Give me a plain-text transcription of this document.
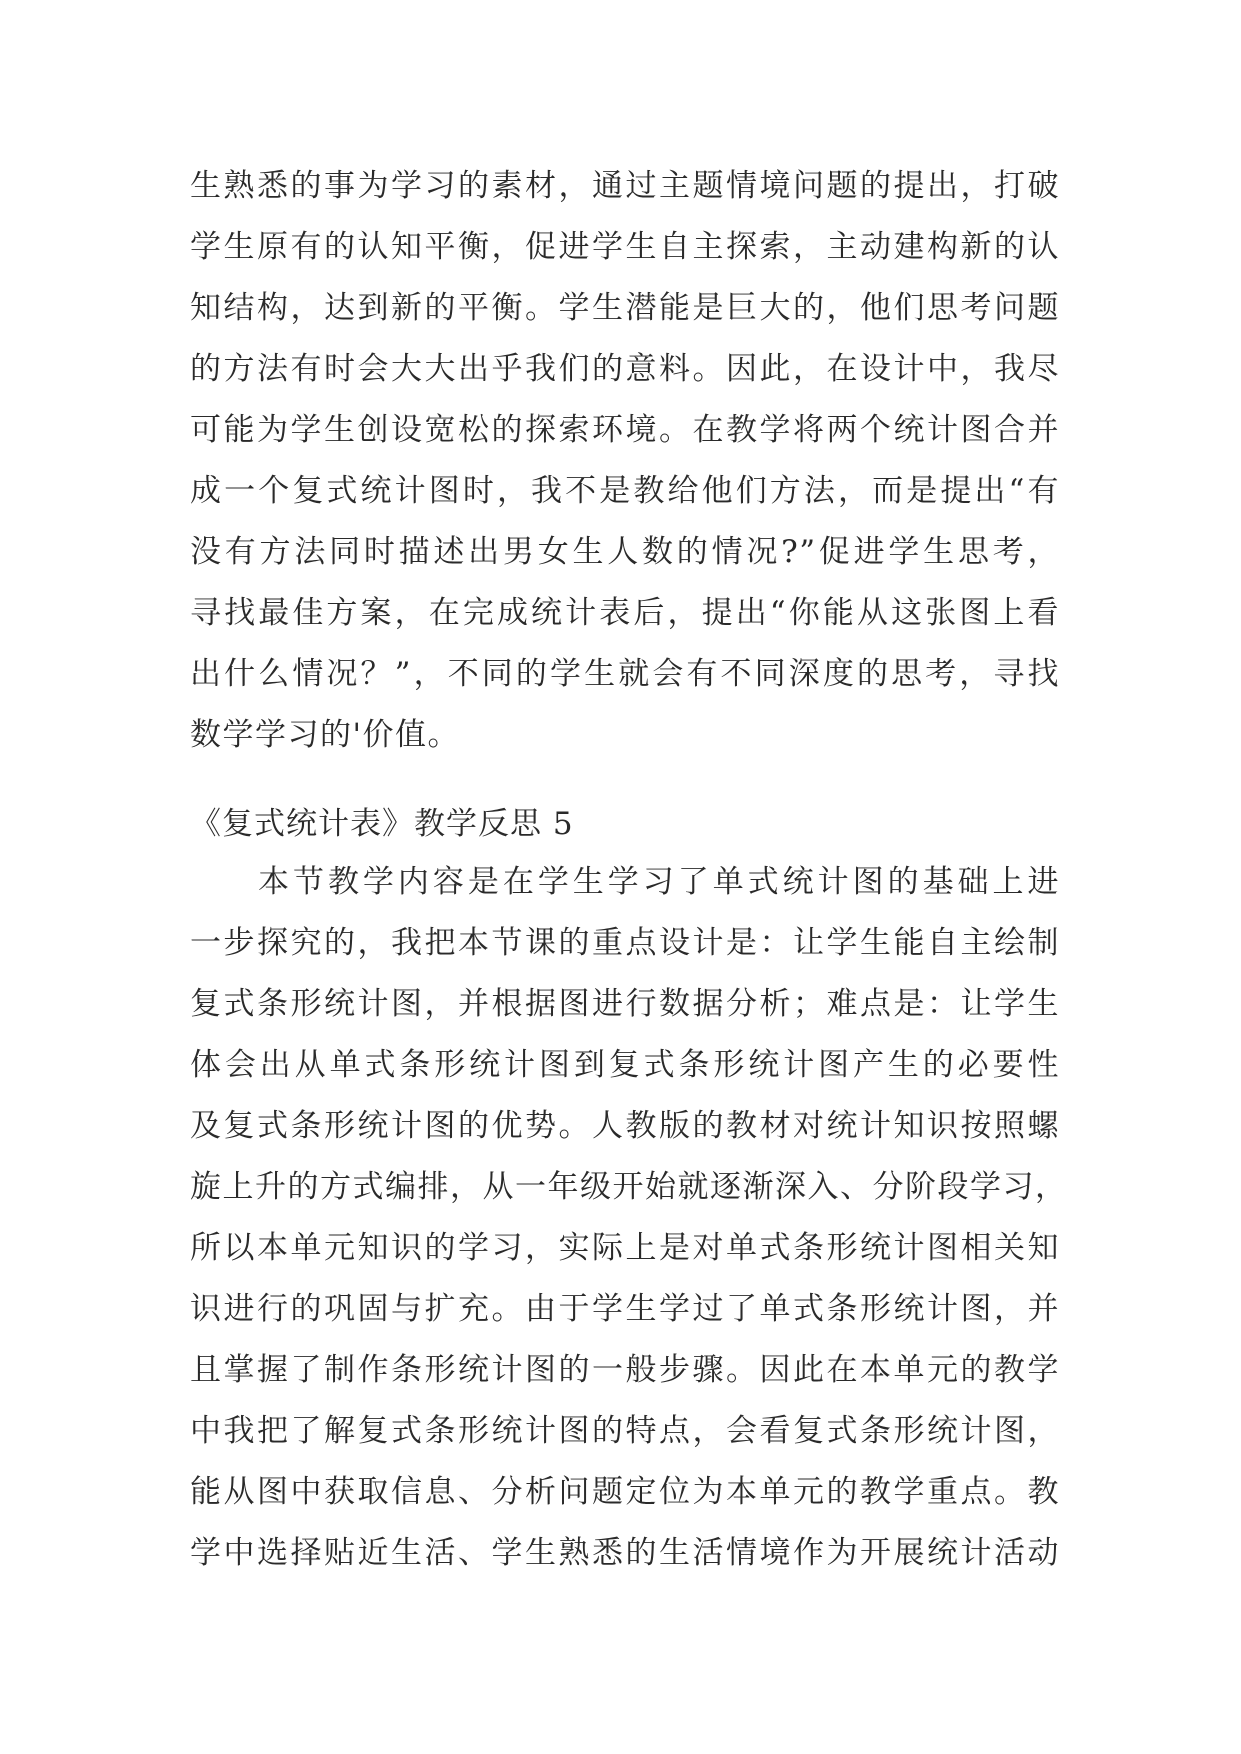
生熟悉的事为学习的素材，通过主题情境问题的提出，打破
学生原有的认知平衡，促进学生自主探索，主动建构新的认
知结构，达到新的平衡。学生潜能是巨大的，他们思考问题
的方法有时会大大出乎我们的意料。因此，在设计中，我尽
可能为学生创设宽松的探索环境。在教学将两个统计图合并
成一个复式统计图时，我不是教给他们方法，而是提出“有
没有方法同时描述出男女生人数的情况?”促进学生思考，
寻找最佳方案，在完成统计表后，提出“你能从这张图上看
出什么情况？”，不同的学生就会有不同深度的思考，寻找
数学学习的'价值。
《复式统计表》教学反思 5
本节教学内容是在学生学习了单式统计图的基础上进
一步探究的，我把本节课的重点设计是：让学生能自主绘制
复式条形统计图，并根据图进行数据分析；难点是：让学生
体会出从单式条形统计图到复式条形统计图产生的必要性
及复式条形统计图的优势。人教版的教材对统计知识按照螺
旋上升的方式编排，从一年级开始就逐渐深入、分阶段学习，
所以本单元知识的学习，实际上是对单式条形统计图相关知
识进行的巩固与扩充。由于学生学过了单式条形统计图，并
且掌握了制作条形统计图的一般步骤。因此在本单元的教学
中我把了解复式条形统计图的特点，会看复式条形统计图，
能从图中获取信息、分析问题定位为本单元的教学重点。教
学中选择贴近生活、学生熟悉的生活情境作为开展统计活动
